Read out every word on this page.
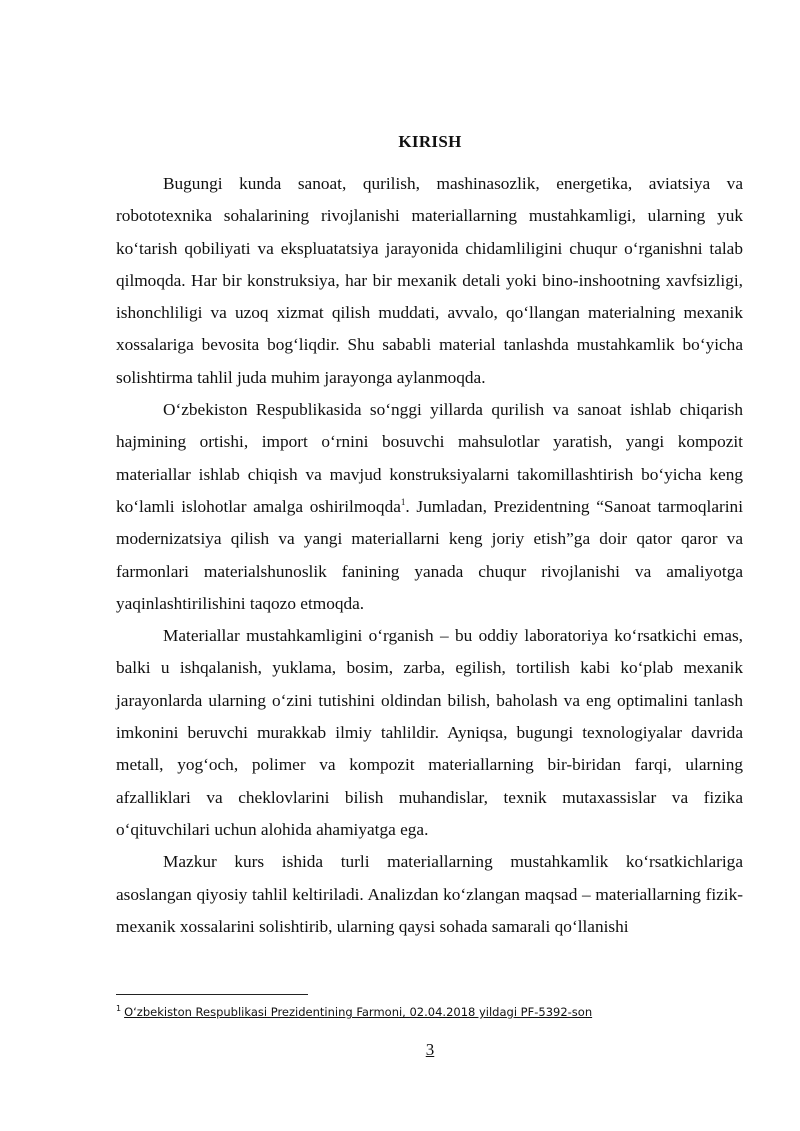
KIRISH

Bugungi kunda sanoat, qurilish, mashinasozlik, energetika, aviatsiya va robototexnika sohalarining rivojlanishi materiallarning mustahkamligi, ularning yuk ko‘tarish qobiliyati va ekspluatatsiya jarayonida chidamliligini chuqur o‘rganishni talab qilmoqda. Har bir konstruksiya, har bir mexanik detali yoki bino-inshootning xavfsizligi, ishonchliligi va uzoq xizmat qilish muddati, avvalo, qo‘llangan materialning mexanik xossalariga bevosita bog‘liqdir. Shu sababli material tanlashda mustahkamlik bo‘yicha solishtirma tahlil juda muhim jarayonga aylanmoqda.

O‘zbekiston Respublikasida so‘nggi yillarda qurilish va sanoat ishlab chiqarish hajmining ortishi, import o‘rnini bosuvchi mahsulotlar yaratish, yangi kompozit materiallar ishlab chiqish va mavjud konstruksiyalarni takomillashtirish bo‘yicha keng ko‘lamli islohotlar amalga oshirilmoqda$^1$. Jumladan, Prezidentning “Sanoat tarmoqlarini modernizatsiya qilish va yangi materiallarni keng joriy etish”ga doir qator qaror va farmonlari materialshunoslik fanining yanada chuqur rivojlanishi va amaliyotga yaqinlashtirilishini taqozo etmoqda.

Materiallar mustahkamligini o‘rganish – bu oddiy laboratoriya ko‘rsatkichi emas, balki u ishqalanish, yuklama, bosim, zarba, egilish, tortilish kabi ko‘plab mexanik jarayonlarda ularning o‘zini tutishini oldindan bilish, baholash va eng optimalini tanlash imkonini beruvchi murakkab ilmiy tahlildir. Ayniqsa, bugungi texnologiyalar davrida metall, yog‘och, polimer va kompozit materiallarning bir-biridan farqi, ularning afzalliklari va cheklovlarini bilish muhandislar, texnik mutaxassislar va fizika o‘qituvchilari uchun alohida ahamiyatga ega.

Mazkur kurs ishida turli materiallarning mustahkamlik ko‘rsatkichlariga asoslangan qiyosiy tahlil keltiriladi. Analizdan ko‘zlangan maqsad – materiallarning fizik-mexanik xossalarini solishtirib, ularning qaysi sohada samarali qo‘llanishi

$^1$ O‘zbekiston Respublikasi Prezidentining Farmoni, 02.04.2018 yildagi PF-5392-son
3
